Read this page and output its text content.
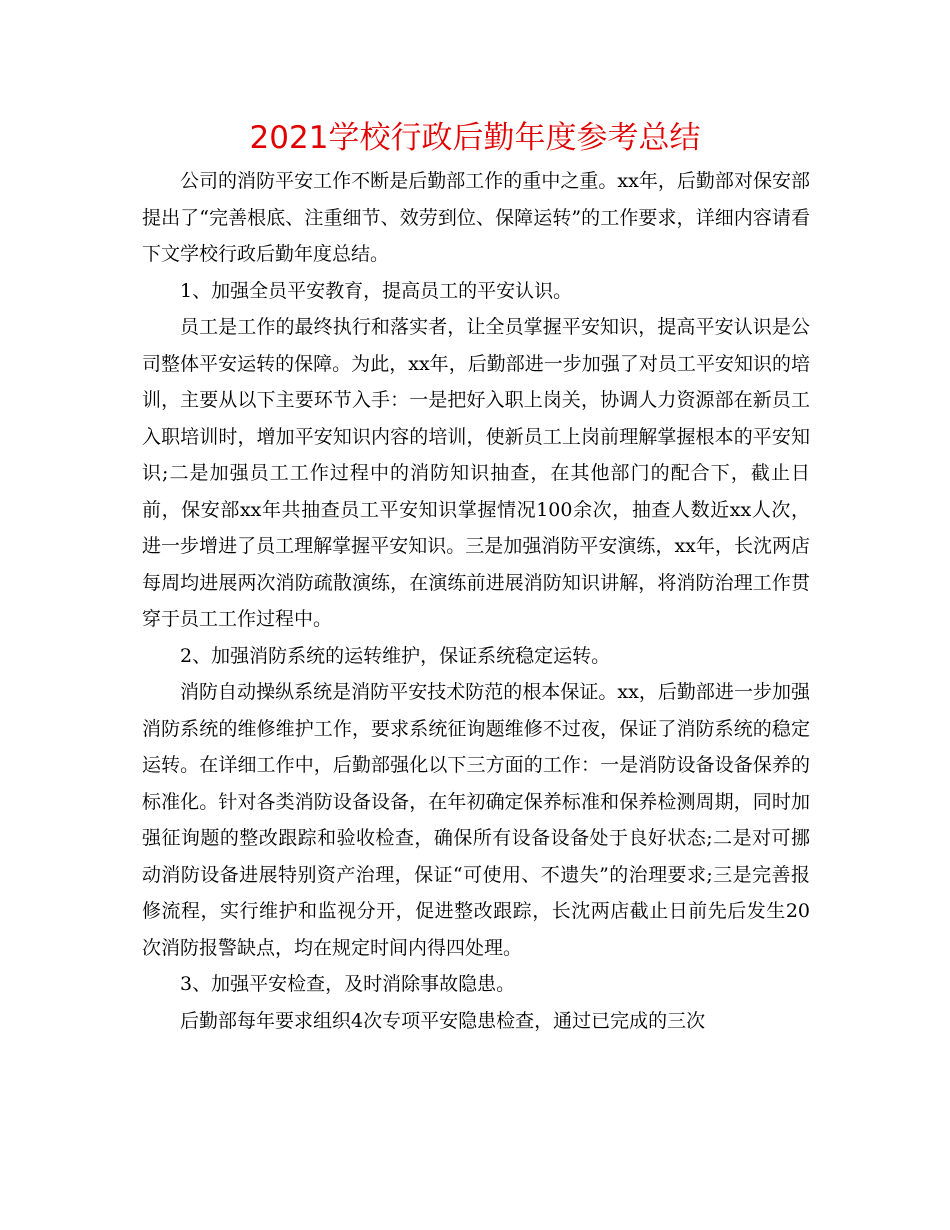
2021学校行政后勤年度参考总结

公司的消防平安工作不断是后勤部工作的重中之重。xx年，后勤部对保安部提出了“完善根底、注重细节、效劳到位、保障运转”的工作要求，详细内容请看下文学校行政后勤年度总结。

1、加强全员平安教育，提高员工的平安认识。

员工是工作的最终执行和落实者，让全员掌握平安知识，提高平安认识是公司整体平安运转的保障。为此，xx年，后勤部进一步加强了对员工平安知识的培训，主要从以下主要环节入手：一是把好入职上岗关，协调人力资源部在新员工入职培训时，增加平安知识内容的培训，使新员工上岗前理解掌握根本的平安知识;二是加强员工工作过程中的消防知识抽查，在其他部门的配合下，截止日前，保安部xx年共抽查员工平安知识掌握情况100余次，抽查人数近xx人次，进一步增进了员工理解掌握平安知识。三是加强消防平安演练，xx年，长沈两店每周均进展两次消防疏散演练，在演练前进展消防知识讲解，将消防治理工作贯穿于员工工作过程中。

2、加强消防系统的运转维护，保证系统稳定运转。

消防自动操纵系统是消防平安技术防范的根本保证。xx，后勤部进一步加强消防系统的维修维护工作，要求系统征询题维修不过夜，保证了消防系统的稳定运转。在详细工作中，后勤部强化以下三方面的工作：一是消防设备设备保养的标准化。针对各类消防设备设备，在年初确定保养标准和保养检测周期，同时加强征询题的整改跟踪和验收检查，确保所有设备设备处于良好状态;二是对可挪动消防设备进展特别资产治理，保证“可使用、不遗失”的治理要求;三是完善报修流程，实行维护和监视分开，促进整改跟踪，长沈两店截止日前先后发生20次消防报警缺点，均在规定时间内得四处理。

3、加强平安检查，及时消除事故隐患。

后勤部每年要求组织4次专项平安隐患检查，通过已完成的三次
